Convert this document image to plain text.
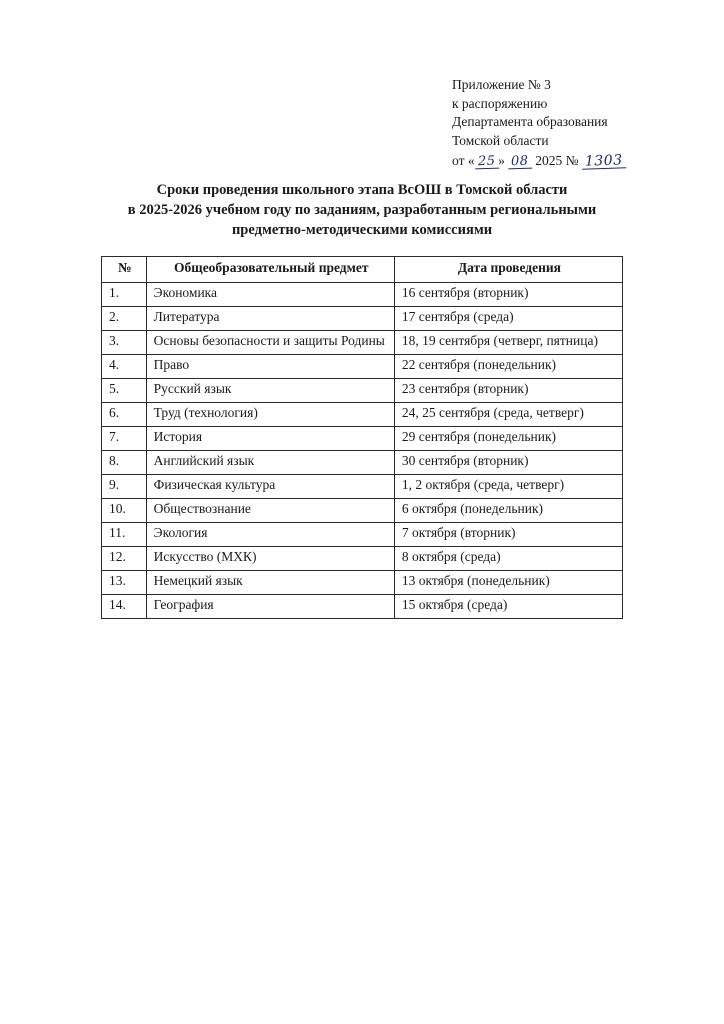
Приложение № 3
к распоряжению
Департамента образования
Томской области
от « 25 » 08 2025 № 1303
Сроки проведения школьного этапа ВсОШ в Томской области
в 2025-2026 учебном году по заданиям, разработанным региональными
предметно-методическими комиссиями
№	Общеобразовательный предмет	Дата проведения
1.	Экономика	16 сентября (вторник)
2.	Литература	17 сентября (среда)
3.	Основы безопасности и защиты Родины	18, 19 сентября (четверг, пятница)
4.	Право	22 сентября (понедельник)
5.	Русский язык	23 сентября (вторник)
6.	Труд (технология)	24, 25 сентября (среда, четверг)
7.	История	29 сентября (понедельник)
8.	Английский язык	30 сентября (вторник)
9.	Физическая культура	1, 2 октября (среда, четверг)
10.	Обществознание	6 октября (понедельник)
11.	Экология	7 октября (вторник)
12.	Искусство (МХК)	8 октября (среда)
13.	Немецкий язык	13 октября (понедельник)
14.	География	15 октября (среда)
